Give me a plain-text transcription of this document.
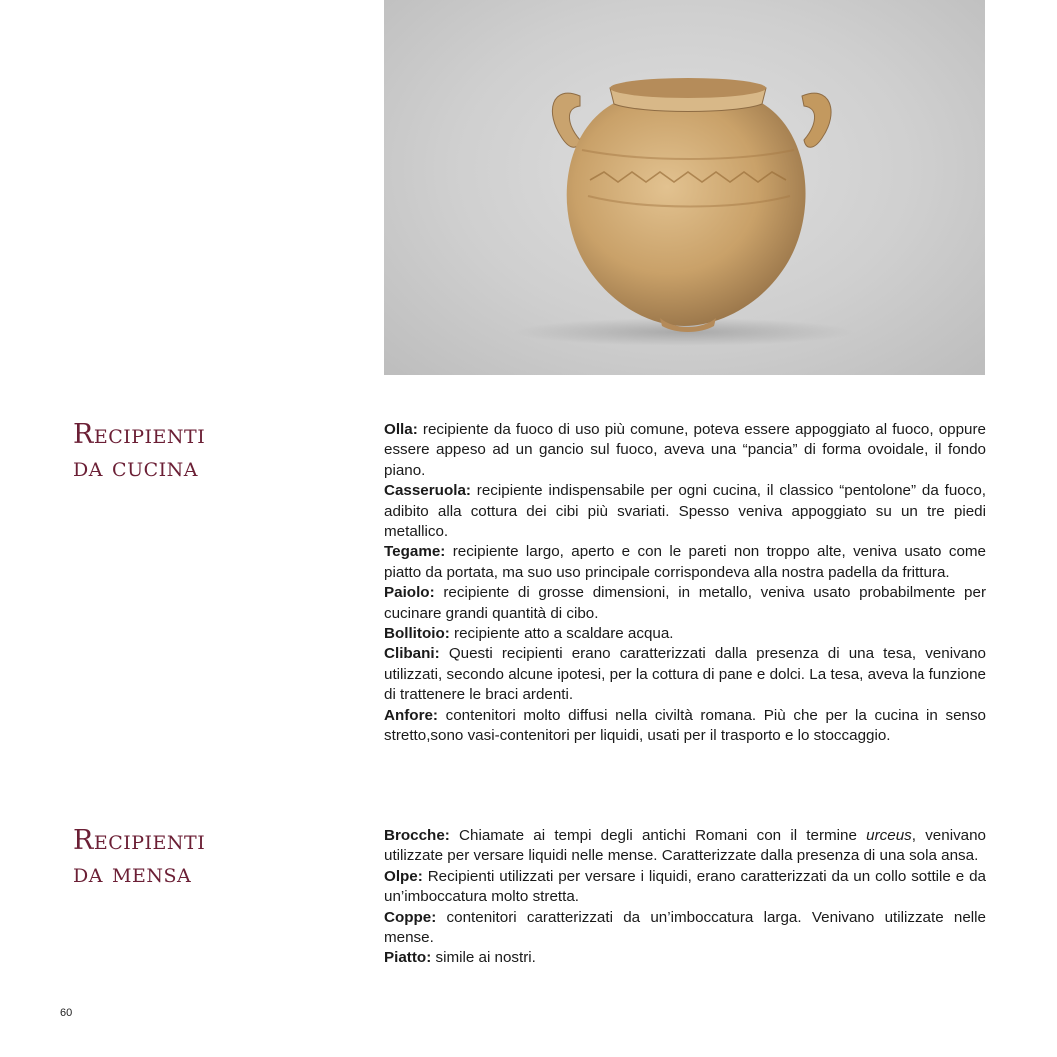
Recipienti
da cucina

Olla: recipiente da fuoco di uso più comune, poteva essere appoggiato al fuoco, oppure essere appeso ad un gancio sul fuoco, aveva una “pancia” di forma ovoidale, il fondo piano.

Casseruola: recipiente indispensabile per ogni cucina, il classico “pentolone” da fuoco, adibito alla cottura dei cibi più svariati. Spesso veniva appoggiato su un tre piedi metallico.

Tegame: recipiente largo, aperto e con le pareti non troppo alte, veniva usato come piatto da portata, ma suo uso principale corrispondeva alla nostra padella da frittura.

Paiolo: recipiente di grosse dimensioni, in metallo, veniva usato probabilmente per cucinare grandi quantità di cibo.

Bollitoio: recipiente atto a scaldare acqua.

Clibani: Questi recipienti erano caratterizzati dalla presenza di una tesa, venivano utilizzati, secondo alcune ipotesi, per la cottura di pane e dolci. La tesa, aveva la funzione di trattenere le braci ardenti.

Anfore: contenitori molto diffusi nella civiltà romana. Più che per la cucina in senso stretto,sono vasi-contenitori per liquidi, usati per il trasporto e lo stoccaggio.

Recipienti
da mensa

Brocche: Chiamate ai tempi degli antichi Romani con il termine urceus, venivano utilizzate per versare liquidi nelle mense. Caratterizzate dalla presenza di una sola ansa.

Olpe: Recipienti utilizzati per versare i liquidi, erano caratterizzati da un collo sottile e da un’imboccatura molto stretta.

Coppe: contenitori caratterizzati da un’imboccatura larga. Venivano utilizzate nelle mense.

Piatto: simile ai nostri.

60
